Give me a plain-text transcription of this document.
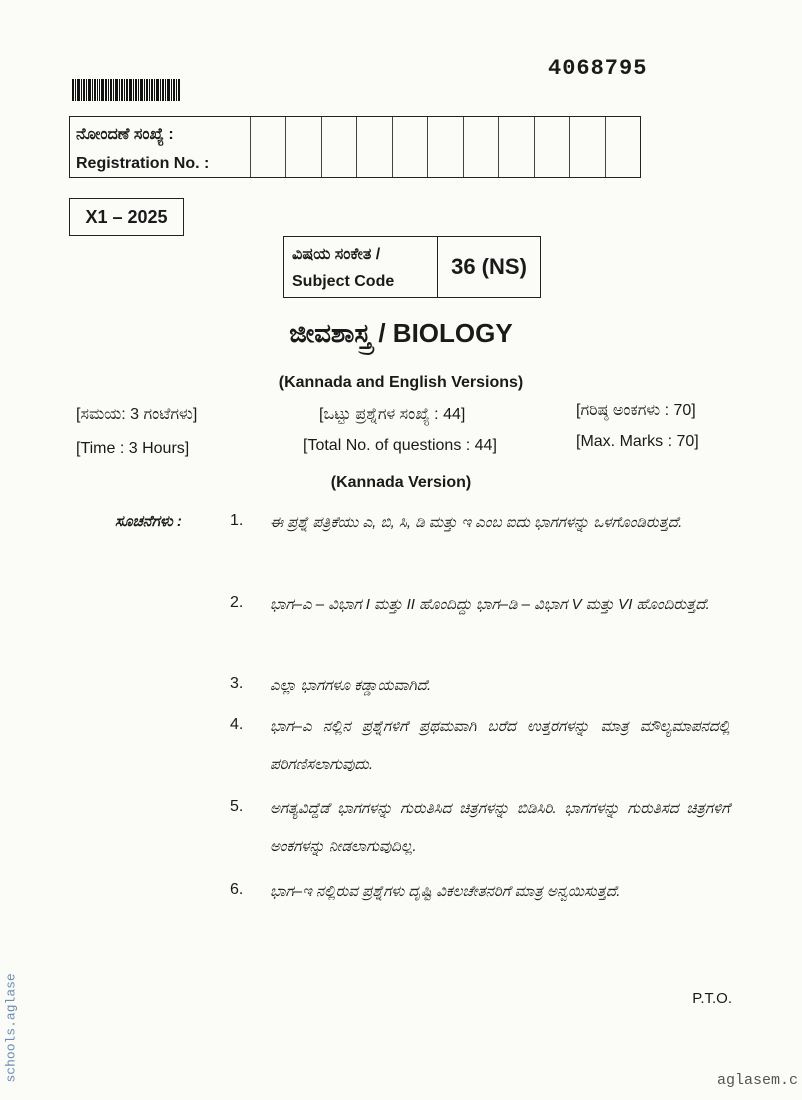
4068795
ನೋಂದಣೆ ಸಂಖ್ಯೆ :
Registration No. :
X1 – 2025
ವಿಷಯ ಸಂಕೇತ /
Subject Code
36 (NS)
ಜೀವಶಾಸ್ತ್ರ / BIOLOGY
(Kannada and English Versions)
[ಸಮಯ: 3 ಗಂಟೆಗಳು]
[Time : 3 Hours]
[ಒಟ್ಟು ಪ್ರಶ್ನೆಗಳ ಸಂಖ್ಯೆ : 44]
[Total No. of questions : 44]
[ಗರಿಷ್ಠ ಅಂಕಗಳು : 70]
[Max. Marks : 70]
(Kannada Version)
ಸೂಚನೆಗಳು :	1. ಈ ಪ್ರಶ್ನೆ ಪತ್ರಿಕೆಯು ಎ, ಬಿ, ಸಿ, ಡಿ ಮತ್ತು ಇ ಎಂಬ ಐದು ಭಾಗಗಳನ್ನು ಒಳಗೊಂಡಿರುತ್ತದೆ.
2. ಭಾಗ–ಎ – ವಿಭಾಗ I ಮತ್ತು II ಹೊಂದಿದ್ದು ಭಾಗ–ಡಿ – ವಿಭಾಗ V ಮತ್ತು VI ಹೊಂದಿರುತ್ತದೆ.
3. ಎಲ್ಲಾ ಭಾಗಗಳೂ ಕಡ್ಡಾಯವಾಗಿದೆ.
4. ಭಾಗ–ಎ ನಲ್ಲಿನ ಪ್ರಶ್ನೆಗಳಿಗೆ ಪ್ರಥಮವಾಗಿ ಬರೆದ ಉತ್ತರಗಳನ್ನು ಮಾತ್ರ ಮೌಲ್ಯಮಾಪನದಲ್ಲಿ ಪರಿಗಣಿಸಲಾಗುವುದು.
5. ಅಗತ್ಯವಿದ್ದೆಡೆ ಭಾಗಗಳನ್ನು ಗುರುತಿಸಿದ ಚಿತ್ರಗಳನ್ನು ಬಿಡಿಸಿರಿ. ಭಾಗಗಳನ್ನು ಗುರುತಿಸದ ಚಿತ್ರಗಳಿಗೆ ಅಂಕಗಳನ್ನು ನೀಡಲಾಗುವುದಿಲ್ಲ.
6. ಭಾಗ–ಇ ನಲ್ಲಿರುವ ಪ್ರಶ್ನೆಗಳು ದೃಷ್ಟಿ ವಿಕಲಚೇತನರಿಗೆ ಮಾತ್ರ ಅನ್ವಯಿಸುತ್ತದೆ.
P.T.O.
schools.aglase	aglasem.c
